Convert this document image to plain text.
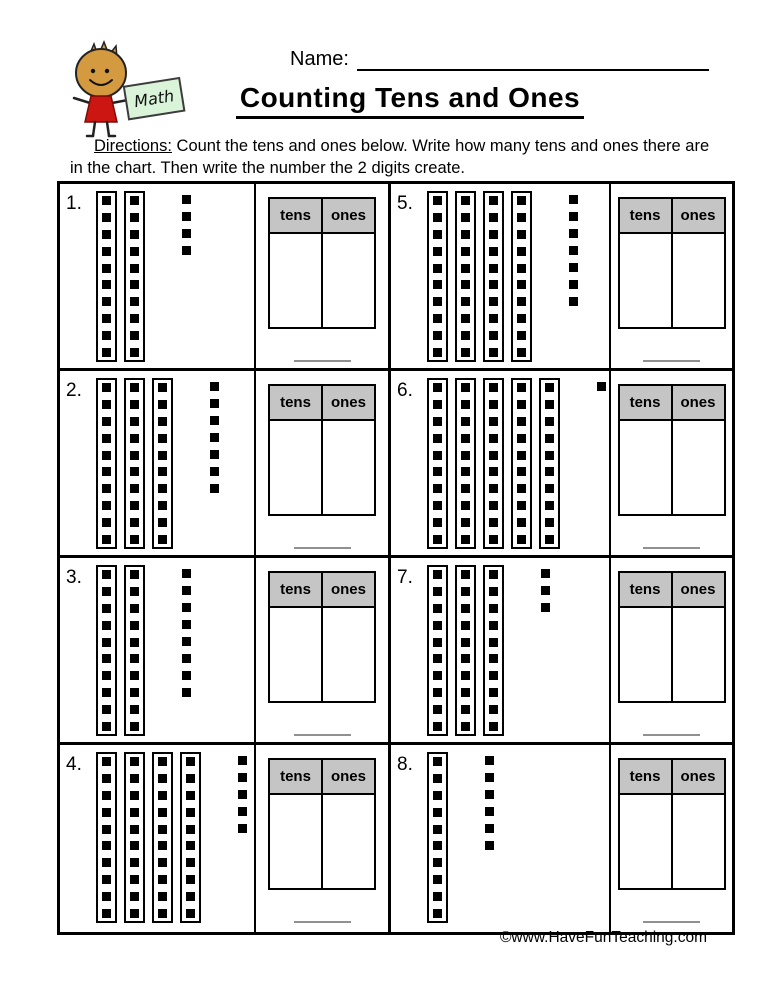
Name:
Math	Counting Tens and Ones

Directions: Count the tens and ones below. Write how many tens and ones there are in the chart. Then write the number the 2 digits create.

1.
tens	ones

5.
tens	ones

2.
tens	ones

6.
tens	ones

3.
tens	ones

7.
tens	ones

4.
tens	ones

8.
tens	ones

©www.HaveFunTeaching.com
